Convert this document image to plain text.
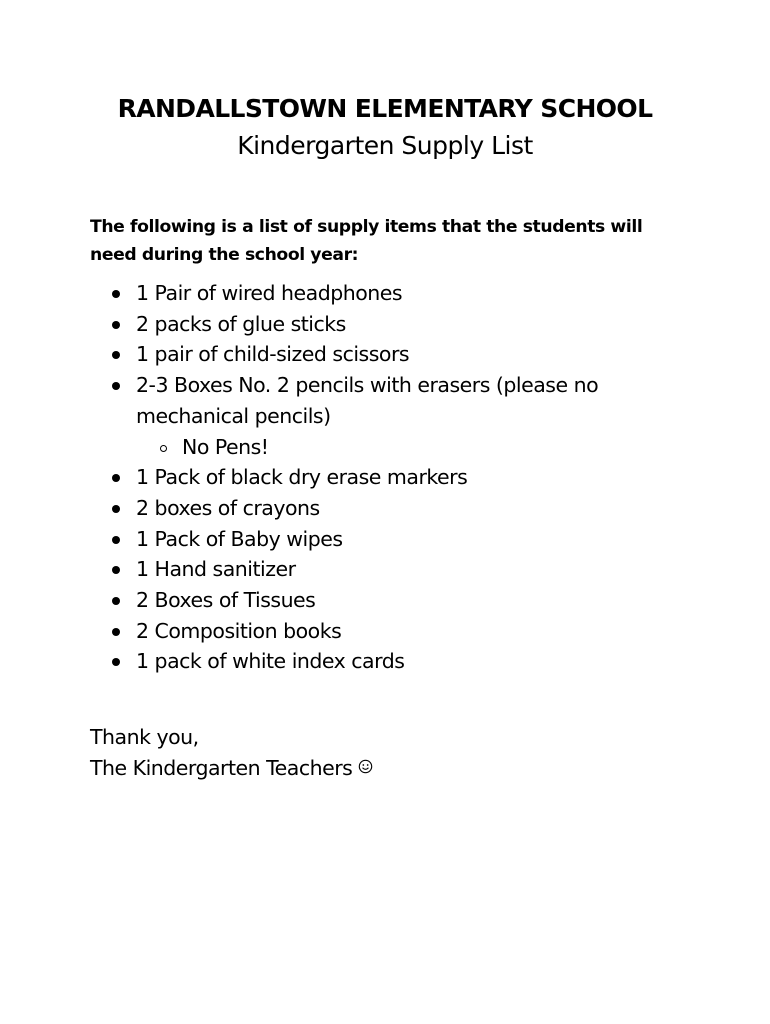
RANDALLSTOWN ELEMENTARY SCHOOL
Kindergarten Supply List

The following is a list of supply items that the students will need during the school year:

1 Pair of wired headphones
2 packs of glue sticks
1 pair of child-sized scissors
2-3 Boxes No. 2 pencils with erasers (please no mechanical pencils)
No Pens!
1 Pack of black dry erase markers
2 boxes of crayons
1 Pack of Baby wipes
1 Hand sanitizer
2 Boxes of Tissues
2 Composition books
1 pack of white index cards
Thank you,
The Kindergarten Teachers
